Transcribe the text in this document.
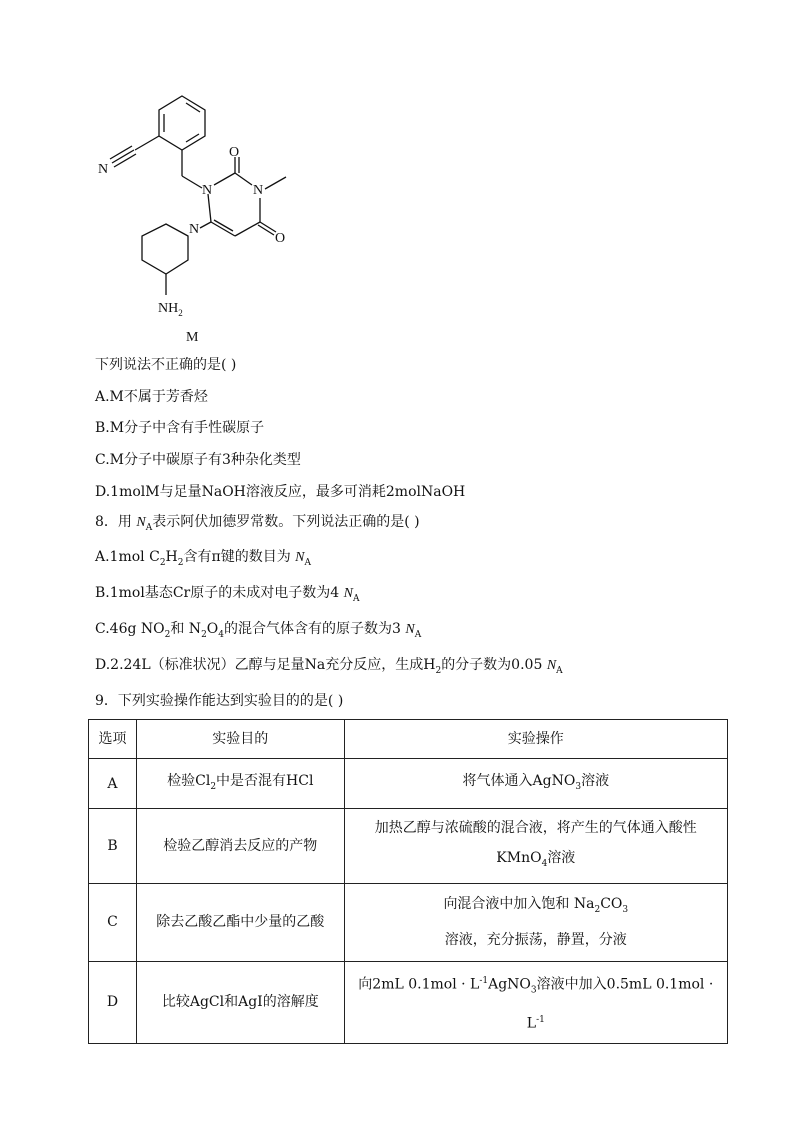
N
N	N
O
O
N
$NH_2$
M
下列说法不正确的是( )
A.M不属于芳香烃
B.M分子中含有手性碳原子
C.M分子中碳原子有3种杂化类型
D.1molM与足量NaOH溶液反应，最多可消耗2molNaOH
8．用 $N_A$表示阿伏加德罗常数。下列说法正确的是( )
A.1mol $C_2H_2$含有π键的数目为 $N_A$
B.1mol基态Cr原子的未成对电子数为4 $N_A$
C.46g $NO_2$和 $N_2O_4$的混合气体含有的原子数为3 $N_A$
D.2.24L（标准状况）乙醇与足量Na充分反应，生成$H_2$的分子数为0.05 $N_A$
9．下列实验操作能达到实验目的的是( )
选项	实验目的	实验操作
A	检验$Cl_2$中是否混有HCl	将气体通入AgNO$_3$溶液
B	检验乙醇消去反应的产物	加热乙醇与浓硫酸的混合液，将产生的气体通入酸性
KMnO$_4$溶液

C	除去乙酸乙酯中少量的乙酸	向混合液中加入饱和 $Na_2CO_3$
溶液，充分振荡，静置，分液

D	比较AgCl和AgI的溶解度	向2mL $0.1mol \cdot L^{-1}AgNO_3$溶液中加入0.5mL $0.1mol \cdot L^{-1}$
